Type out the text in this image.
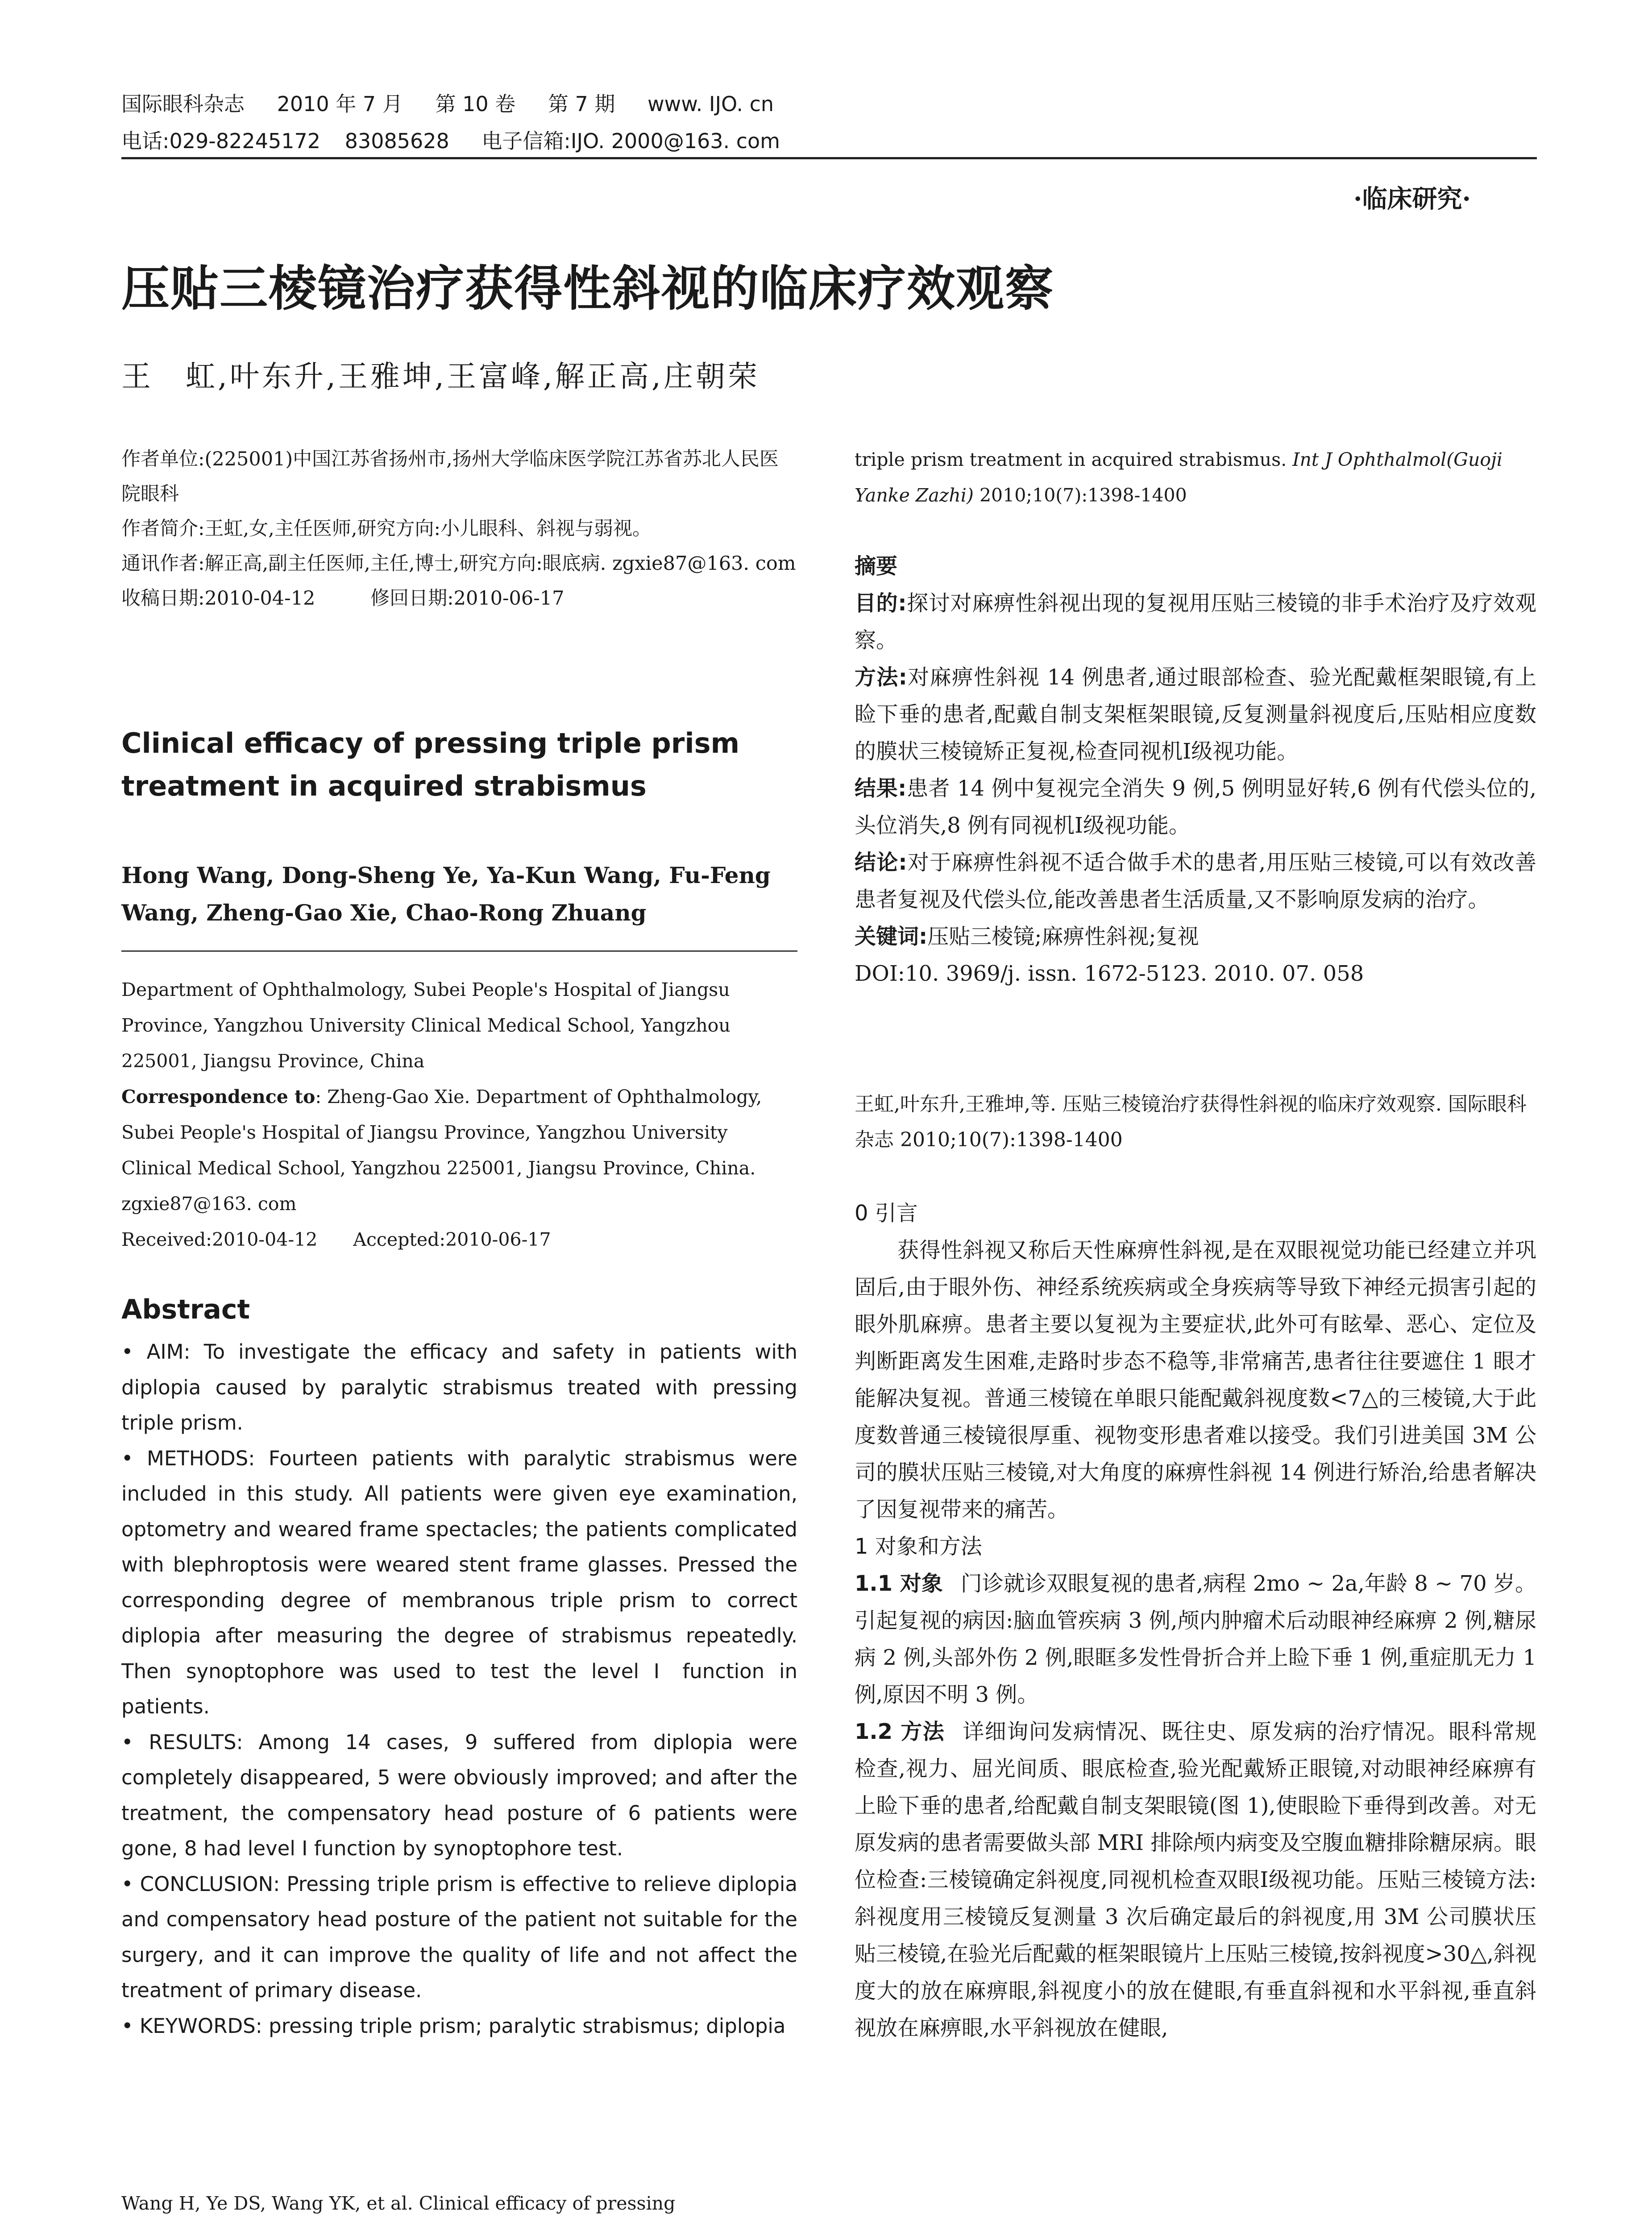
国际眼科杂志 2010 年 7 月 第 10 卷 第 7 期 www. IJO. cn
电话:029-82245172 83085628 电子信箱:IJO. 2000@163. com
·临床研究·
压贴三棱镜治疗获得性斜视的临床疗效观察
王　虹,叶东升,王雅坤,王富峰,解正高,庄朝荣

作者单位:(225001)中国江苏省扬州市,扬州大学临床医学院江苏省苏北人民医院眼科

作者简介:王虹,女,主任医师,研究方向:小儿眼科、斜视与弱视。

通讯作者:解正高,副主任医师,主任,博士,研究方向:眼底病. zgxie87@163. com

收稿日期:2010-04-12	修回日期:2010-06-17

Clinical efficacy of pressing triple prism treatment in acquired strabismus
Hong Wang, Dong-Sheng Ye, Ya-Kun Wang, Fu-Feng Wang, Zheng-Gao Xie, Chao-Rong Zhuang

Department of Ophthalmology, Subei People's Hospital of Jiangsu Province, Yangzhou University Clinical Medical School, Yangzhou 225001, Jiangsu Province, China

Correspondence to: Zheng-Gao Xie. Department of Ophthalmology, Subei People's Hospital of Jiangsu Province, Yangzhou University Clinical Medical School, Yangzhou 225001, Jiangsu Province, China. zgxie87@163. com

Received:2010-04-12 Accepted:2010-06-17

Abstract

• AIM: To investigate the efficacy and safety in patients with diplopia caused by paralytic strabismus treated with pressing triple prism.

• METHODS: Fourteen patients with paralytic strabismus were included in this study. All patients were given eye examination, optometry and weared frame spectacles; the patients complicated with blephroptosis were weared stent frame glasses. Pressed the corresponding degree of membranous triple prism to correct diplopia after measuring the degree of strabismus repeatedly. Then synoptophore was used to test the level Ⅰ function in patients.

• RESULTS: Among 14 cases, 9 suffered from diplopia were completely disappeared, 5 were obviously improved; and after the treatment, the compensatory head posture of 6 patients were gone, 8 had level Ⅰ function by synoptophore test.

• CONCLUSION: Pressing triple prism is effective to relieve diplopia and compensatory head posture of the patient not suitable for the surgery, and it can improve the quality of life and not affect the treatment of primary disease.

• KEYWORDS: pressing triple prism; paralytic strabismus; diplopia

Wang H, Ye DS, Wang YK, et al. Clinical efficacy of pressing
triple prism treatment in acquired strabismus. Int J Ophthalmol(Guoji Yanke Zazhi) 2010;10(7):1398-1400

摘要

目的:探讨对麻痹性斜视出现的复视用压贴三棱镜的非手术治疗及疗效观察。

方法:对麻痹性斜视 14 例患者,通过眼部检查、验光配戴框架眼镜,有上睑下垂的患者,配戴自制支架框架眼镜,反复测量斜视度后,压贴相应度数的膜状三棱镜矫正复视,检查同视机Ⅰ级视功能。

结果:患者 14 例中复视完全消失 9 例,5 例明显好转,6 例有代偿头位的,头位消失,8 例有同视机Ⅰ级视功能。

结论:对于麻痹性斜视不适合做手术的患者,用压贴三棱镜,可以有效改善患者复视及代偿头位,能改善患者生活质量,又不影响原发病的治疗。

关键词:压贴三棱镜;麻痹性斜视;复视

DOI:10. 3969/j. issn. 1672-5123. 2010. 07. 058

王虹,叶东升,王雅坤,等. 压贴三棱镜治疗获得性斜视的临床疗效观察. 国际眼科杂志 2010;10(7):1398-1400

0 引言

获得性斜视又称后天性麻痹性斜视,是在双眼视觉功能已经建立并巩固后,由于眼外伤、神经系统疾病或全身疾病等导致下神经元损害引起的眼外肌麻痹。患者主要以复视为主要症状,此外可有眩晕、恶心、定位及判断距离发生困难,走路时步态不稳等,非常痛苦,患者往往要遮住 1 眼才能解决复视。普通三棱镜在单眼只能配戴斜视度数<7△的三棱镜,大于此度数普通三棱镜很厚重、视物变形患者难以接受。我们引进美国 3M 公司的膜状压贴三棱镜,对大角度的麻痹性斜视 14 例进行矫治,给患者解决了因复视带来的痛苦。

1 对象和方法

1.1 对象 门诊就诊双眼复视的患者,病程 2mo ~ 2a,年龄 8 ~ 70 岁。引起复视的病因:脑血管疾病 3 例,颅内肿瘤术后动眼神经麻痹 2 例,糖尿病 2 例,头部外伤 2 例,眼眶多发性骨折合并上睑下垂 1 例,重症肌无力 1 例,原因不明 3 例。

1.2 方法 详细询问发病情况、既往史、原发病的治疗情况。眼科常规检查,视力、屈光间质、眼底检查,验光配戴矫正眼镜,对动眼神经麻痹有上睑下垂的患者,给配戴自制支架眼镜(图 1),使眼睑下垂得到改善。对无原发病的患者需要做头部 MRI 排除颅内病变及空腹血糖排除糖尿病。眼位检查:三棱镜确定斜视度,同视机检查双眼Ⅰ级视功能。压贴三棱镜方法:斜视度用三棱镜反复测量 3 次后确定最后的斜视度,用 3M 公司膜状压贴三棱镜,在验光后配戴的框架眼镜片上压贴三棱镜,按斜视度>30△,斜视度大的放在麻痹眼,斜视度小的放在健眼,有垂直斜视和水平斜视,垂直斜视放在麻痹眼,水平斜视放在健眼,
